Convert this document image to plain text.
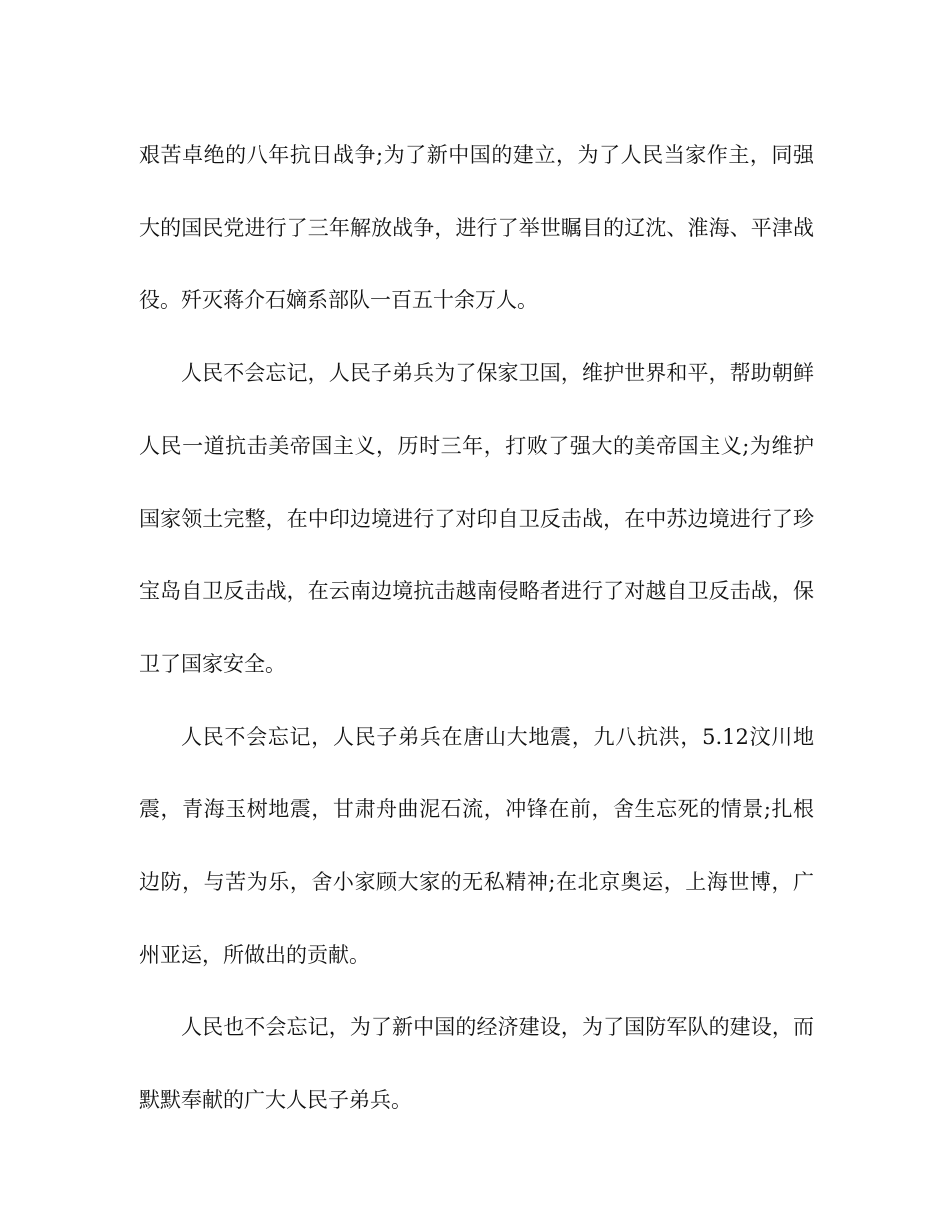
艰苦卓绝的八年抗日战争;为了新中国的建立，为了人民当家作主，同强大的国民党进行了三年解放战争，进行了举世瞩目的辽沈、淮海、平津战役。歼灭蒋介石嫡系部队一百五十余万人。

人民不会忘记，人民子弟兵为了保家卫国，维护世界和平，帮助朝鲜人民一道抗击美帝国主义，历时三年，打败了强大的美帝国主义;为维护国家领土完整，在中印边境进行了对印自卫反击战，在中苏边境进行了珍宝岛自卫反击战，在云南边境抗击越南侵略者进行了对越自卫反击战，保卫了国家安全。

人民不会忘记，人民子弟兵在唐山大地震，九八抗洪，5.12汶川地震，青海玉树地震，甘肃舟曲泥石流，冲锋在前，舍生忘死的情景;扎根边防，与苦为乐，舍小家顾大家的无私精神;在北京奥运，上海世博，广州亚运，所做出的贡献。

人民也不会忘记，为了新中国的经济建设，为了国防军队的建设，而默默奉献的广大人民子弟兵。
